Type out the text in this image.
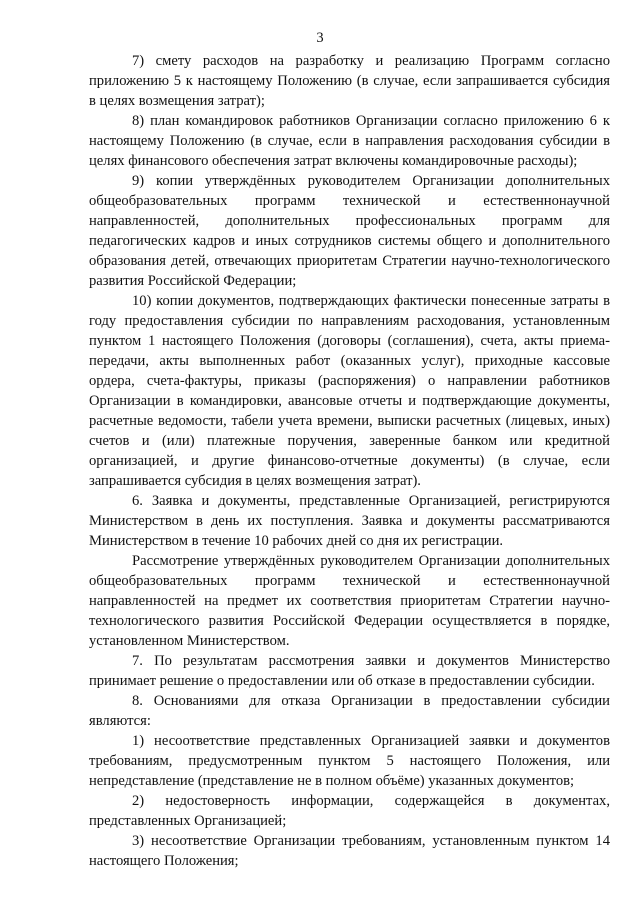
3

7) смету расходов на разработку и реализацию Программ согласно приложению 5 к настоящему Положению (в случае, если запрашивается субсидия в целях возмещения затрат);

8) план командировок работников Организации согласно приложению 6 к настоящему Положению (в случае, если в направления расходования субсидии в целях финансового обеспечения затрат включены командировочные расходы);

9) копии утверждённых руководителем Организации дополнительных общеобразовательных программ технической и естественнонаучной направленностей, дополнительных профессиональных программ для педагогических кадров и иных сотрудников системы общего и дополнительного образования детей, отвечающих приоритетам Стратегии научно-технологического развития Российской Федерации;

10) копии документов, подтверждающих фактически понесенные затраты в году предоставления субсидии по направлениям расходования, установленным пунктом 1 настоящего Положения (договоры (соглашения), счета, акты приема-передачи, акты выполненных работ (оказанных услуг), приходные кассовые ордера, счета-фактуры, приказы (распоряжения) о направлении работников Организации в командировки, авансовые отчеты и подтверждающие документы, расчетные ведомости, табели учета времени, выписки расчетных (лицевых, иных) счетов и (или) платежные поручения, заверенные банком или кредитной организацией, и другие финансово-отчетные документы) (в случае, если запрашивается субсидия в целях возмещения затрат).

6. Заявка и документы, представленные Организацией, регистрируются Министерством в день их поступления. Заявка и документы рассматриваются Министерством в течение 10 рабочих дней со дня их регистрации.

Рассмотрение утверждённых руководителем Организации дополнительных общеобразовательных программ технической и естественнонаучной направленностей на предмет их соответствия приоритетам Стратегии научно-технологического развития Российской Федерации осуществляется в порядке, установленном Министерством.

7. По результатам рассмотрения заявки и документов Министерство принимает решение о предоставлении или об отказе в предоставлении субсидии.

8. Основаниями для отказа Организации в предоставлении субсидии являются:

1) несоответствие представленных Организацией заявки и документов требованиям, предусмотренным пунктом 5 настоящего Положения, или непредставление (представление не в полном объёме) указанных документов;

2) недостоверность информации, содержащейся в документах, представленных Организацией;

3) несоответствие Организации требованиям, установленным пунктом 14 настоящего Положения;
